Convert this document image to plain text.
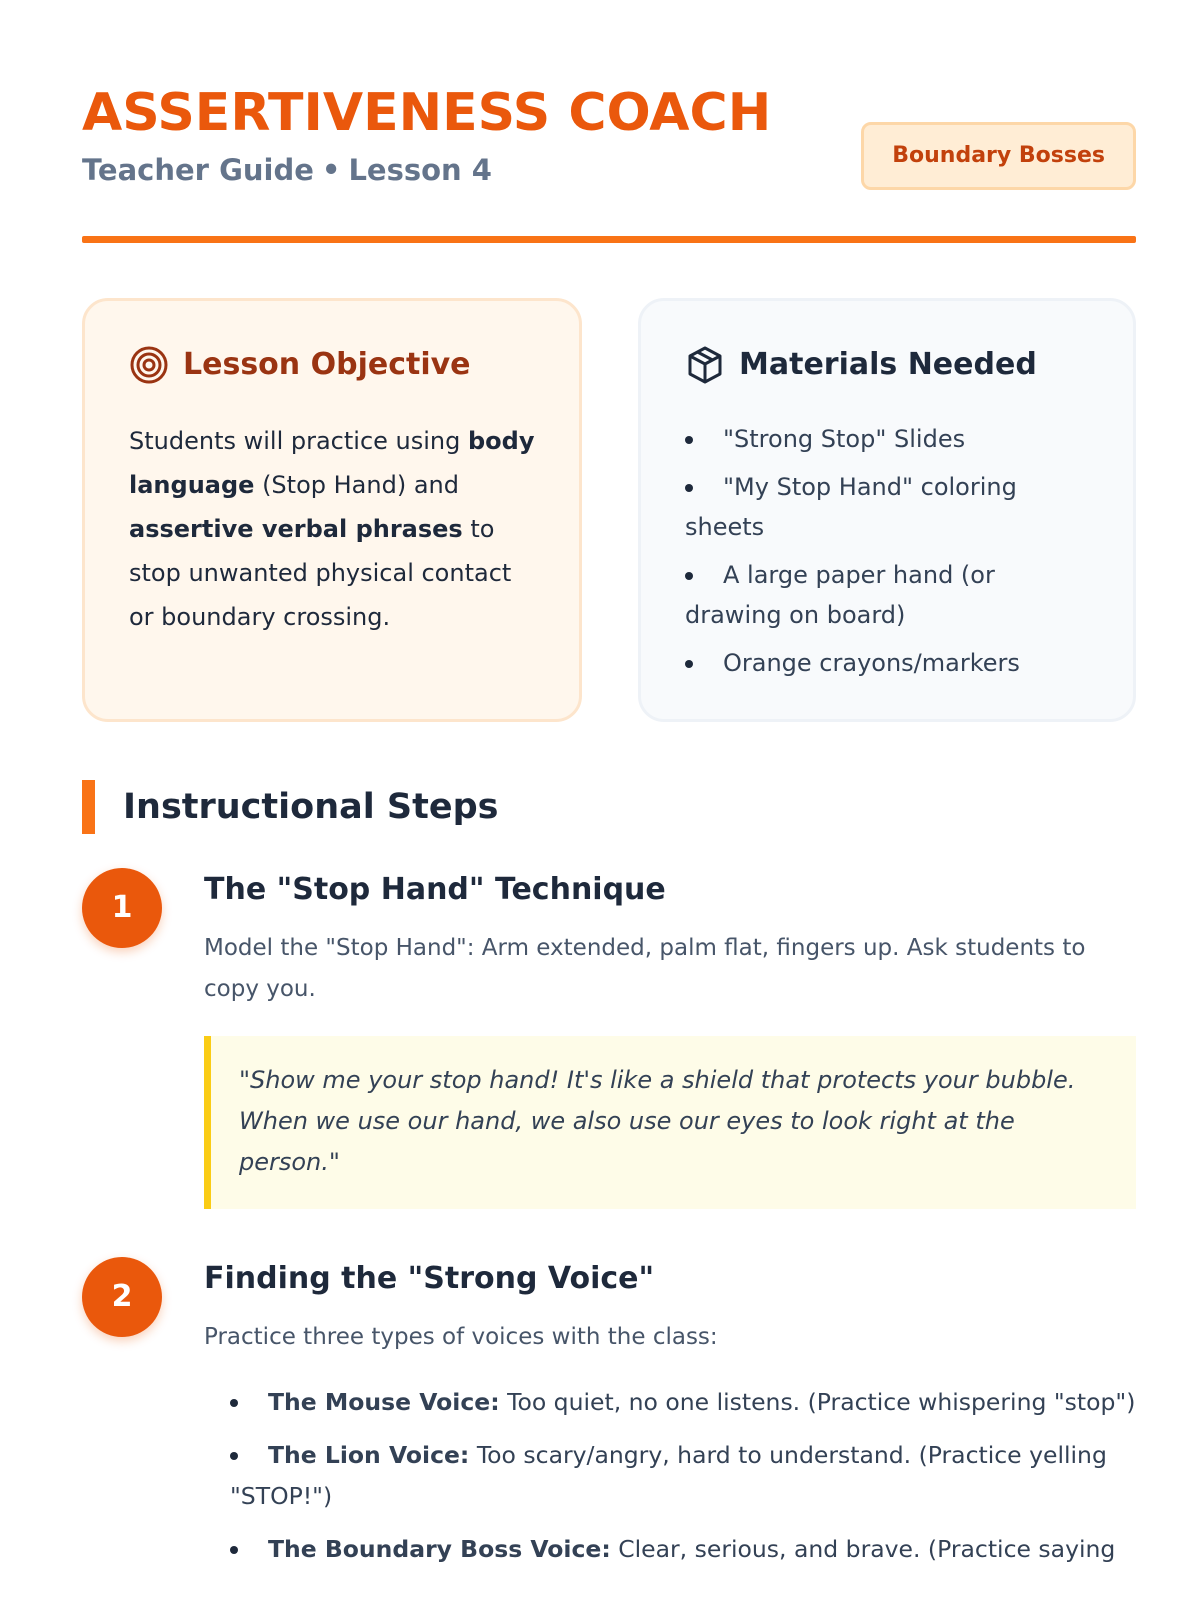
ASSERTIVENESS COACH
Teacher Guide • Lesson 4	Boundary Bosses
Lesson Objective

Students will practice using body language (Stop Hand) and assertive verbal phrases to stop unwanted physical contact or boundary crossing.

Materials Needed
"Strong Stop" Slides
"My Stop Hand" coloring sheets
A large paper hand (or drawing on board)
Orange crayons/markers
Instructional Steps
1
The "Stop Hand" Technique

Model the "Stop Hand": Arm extended, palm flat, fingers up. Ask students to copy you.

"Show me your stop hand! It's like a shield that protects your bubble. When we use our hand, we also use our eyes to look right at the person."
2
Finding the "Strong Voice"

Practice three types of voices with the class:

The Mouse Voice: Too quiet, no one listens. (Practice whispering "stop")
The Lion Voice: Too scary/angry, hard to understand. (Practice yelling "STOP!")
The Boundary Boss Voice: Clear, serious, and brave. (Practice saying
